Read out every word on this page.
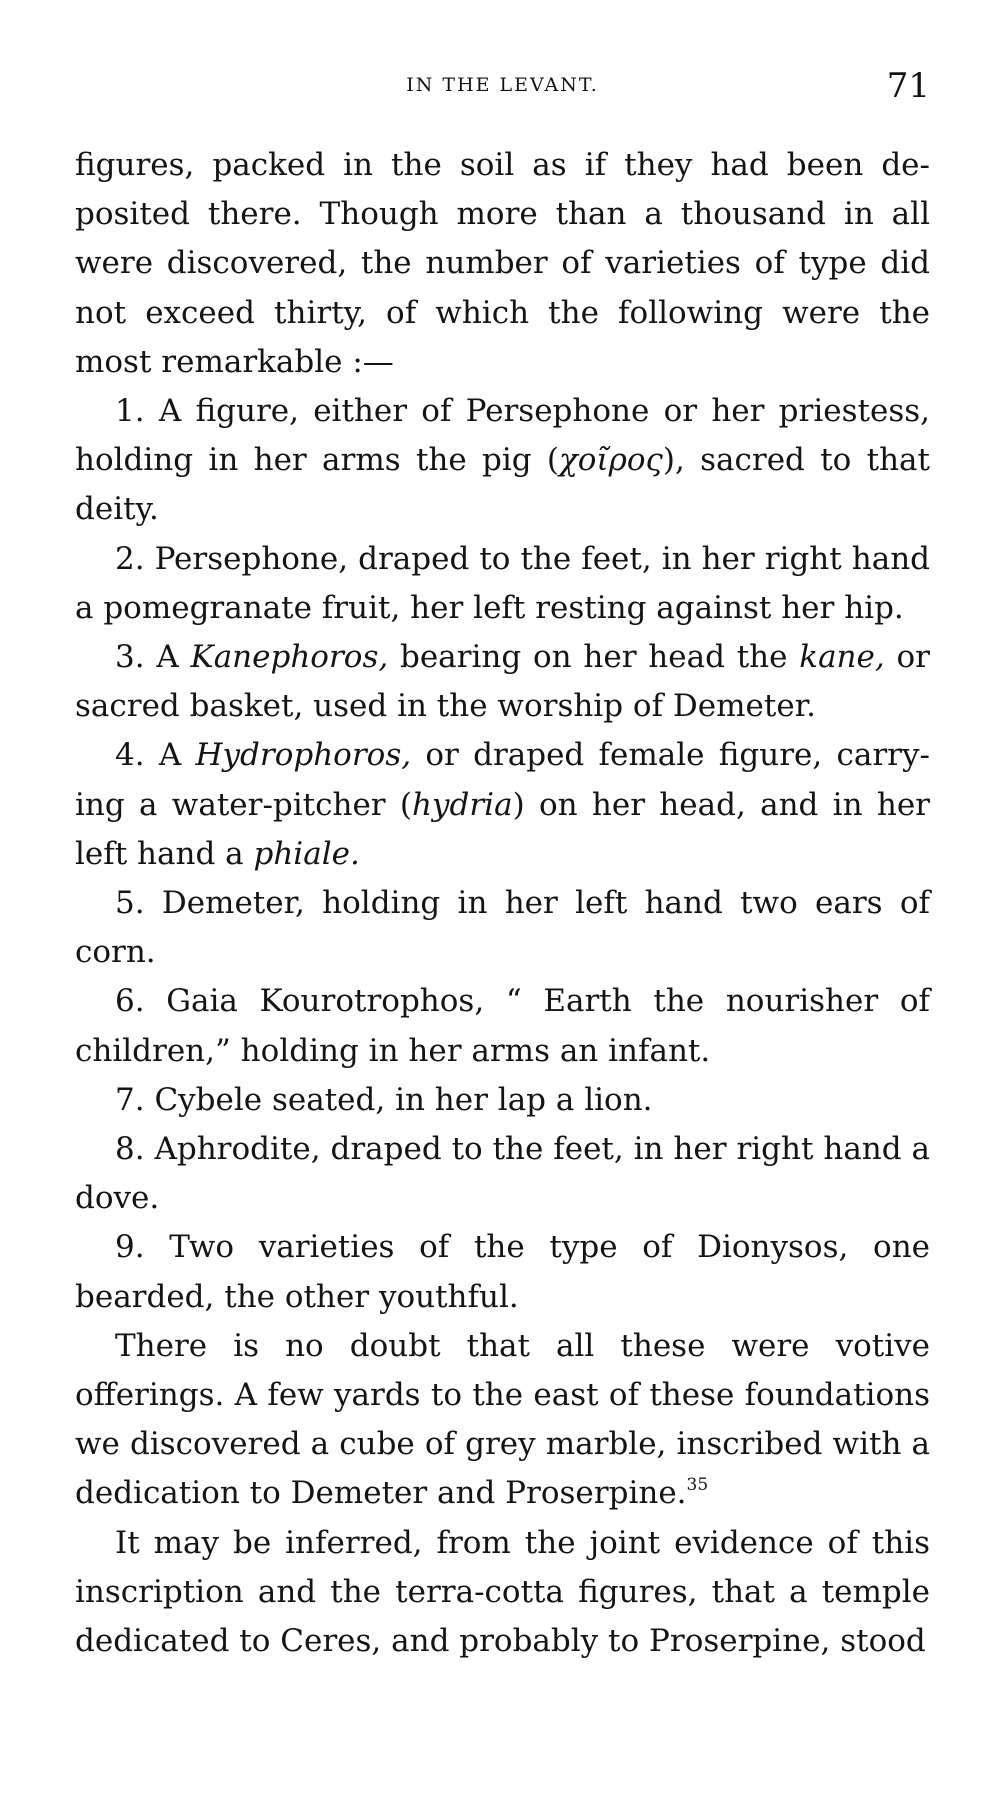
IN THE LEVANT.	71

figures, packed in the soil as if they had been deposited there. Though more than a thousand in all were discovered, the number of varieties of type did not exceed thirty, of which the following were the most remarkable :—

1. A figure, either of Persephone or her priestess, holding in her arms the pig (χoῖρος), sacred to that deity.

2. Persephone, draped to the feet, in her right hand a pomegranate fruit, her left resting against her hip.

3. A Kanephoros, bearing on her head the kane, or sacred basket, used in the worship of Demeter.

4. A Hydrophoros, or draped female figure, carrying a water-pitcher (hydria) on her head, and in her left hand a phiale.

5. Demeter, holding in her left hand two ears of corn.

6. Gaia Kourotrophos, “ Earth the nourisher of children,” holding in her arms an infant.

7. Cybele seated, in her lap a lion.

8. Aphrodite, draped to the feet, in her right hand a dove.

9. Two varieties of the type of Dionysos, one bearded, the other youthful.

There is no doubt that all these were votive offerings. A few yards to the east of these foundations we discovered a cube of grey marble, inscribed with a dedication to Demeter and Proserpine.$^{35}$

It may be inferred, from the joint evidence of this inscription and the terra-cotta figures, that a temple dedicated to Ceres, and probably to Proserpine, stood
